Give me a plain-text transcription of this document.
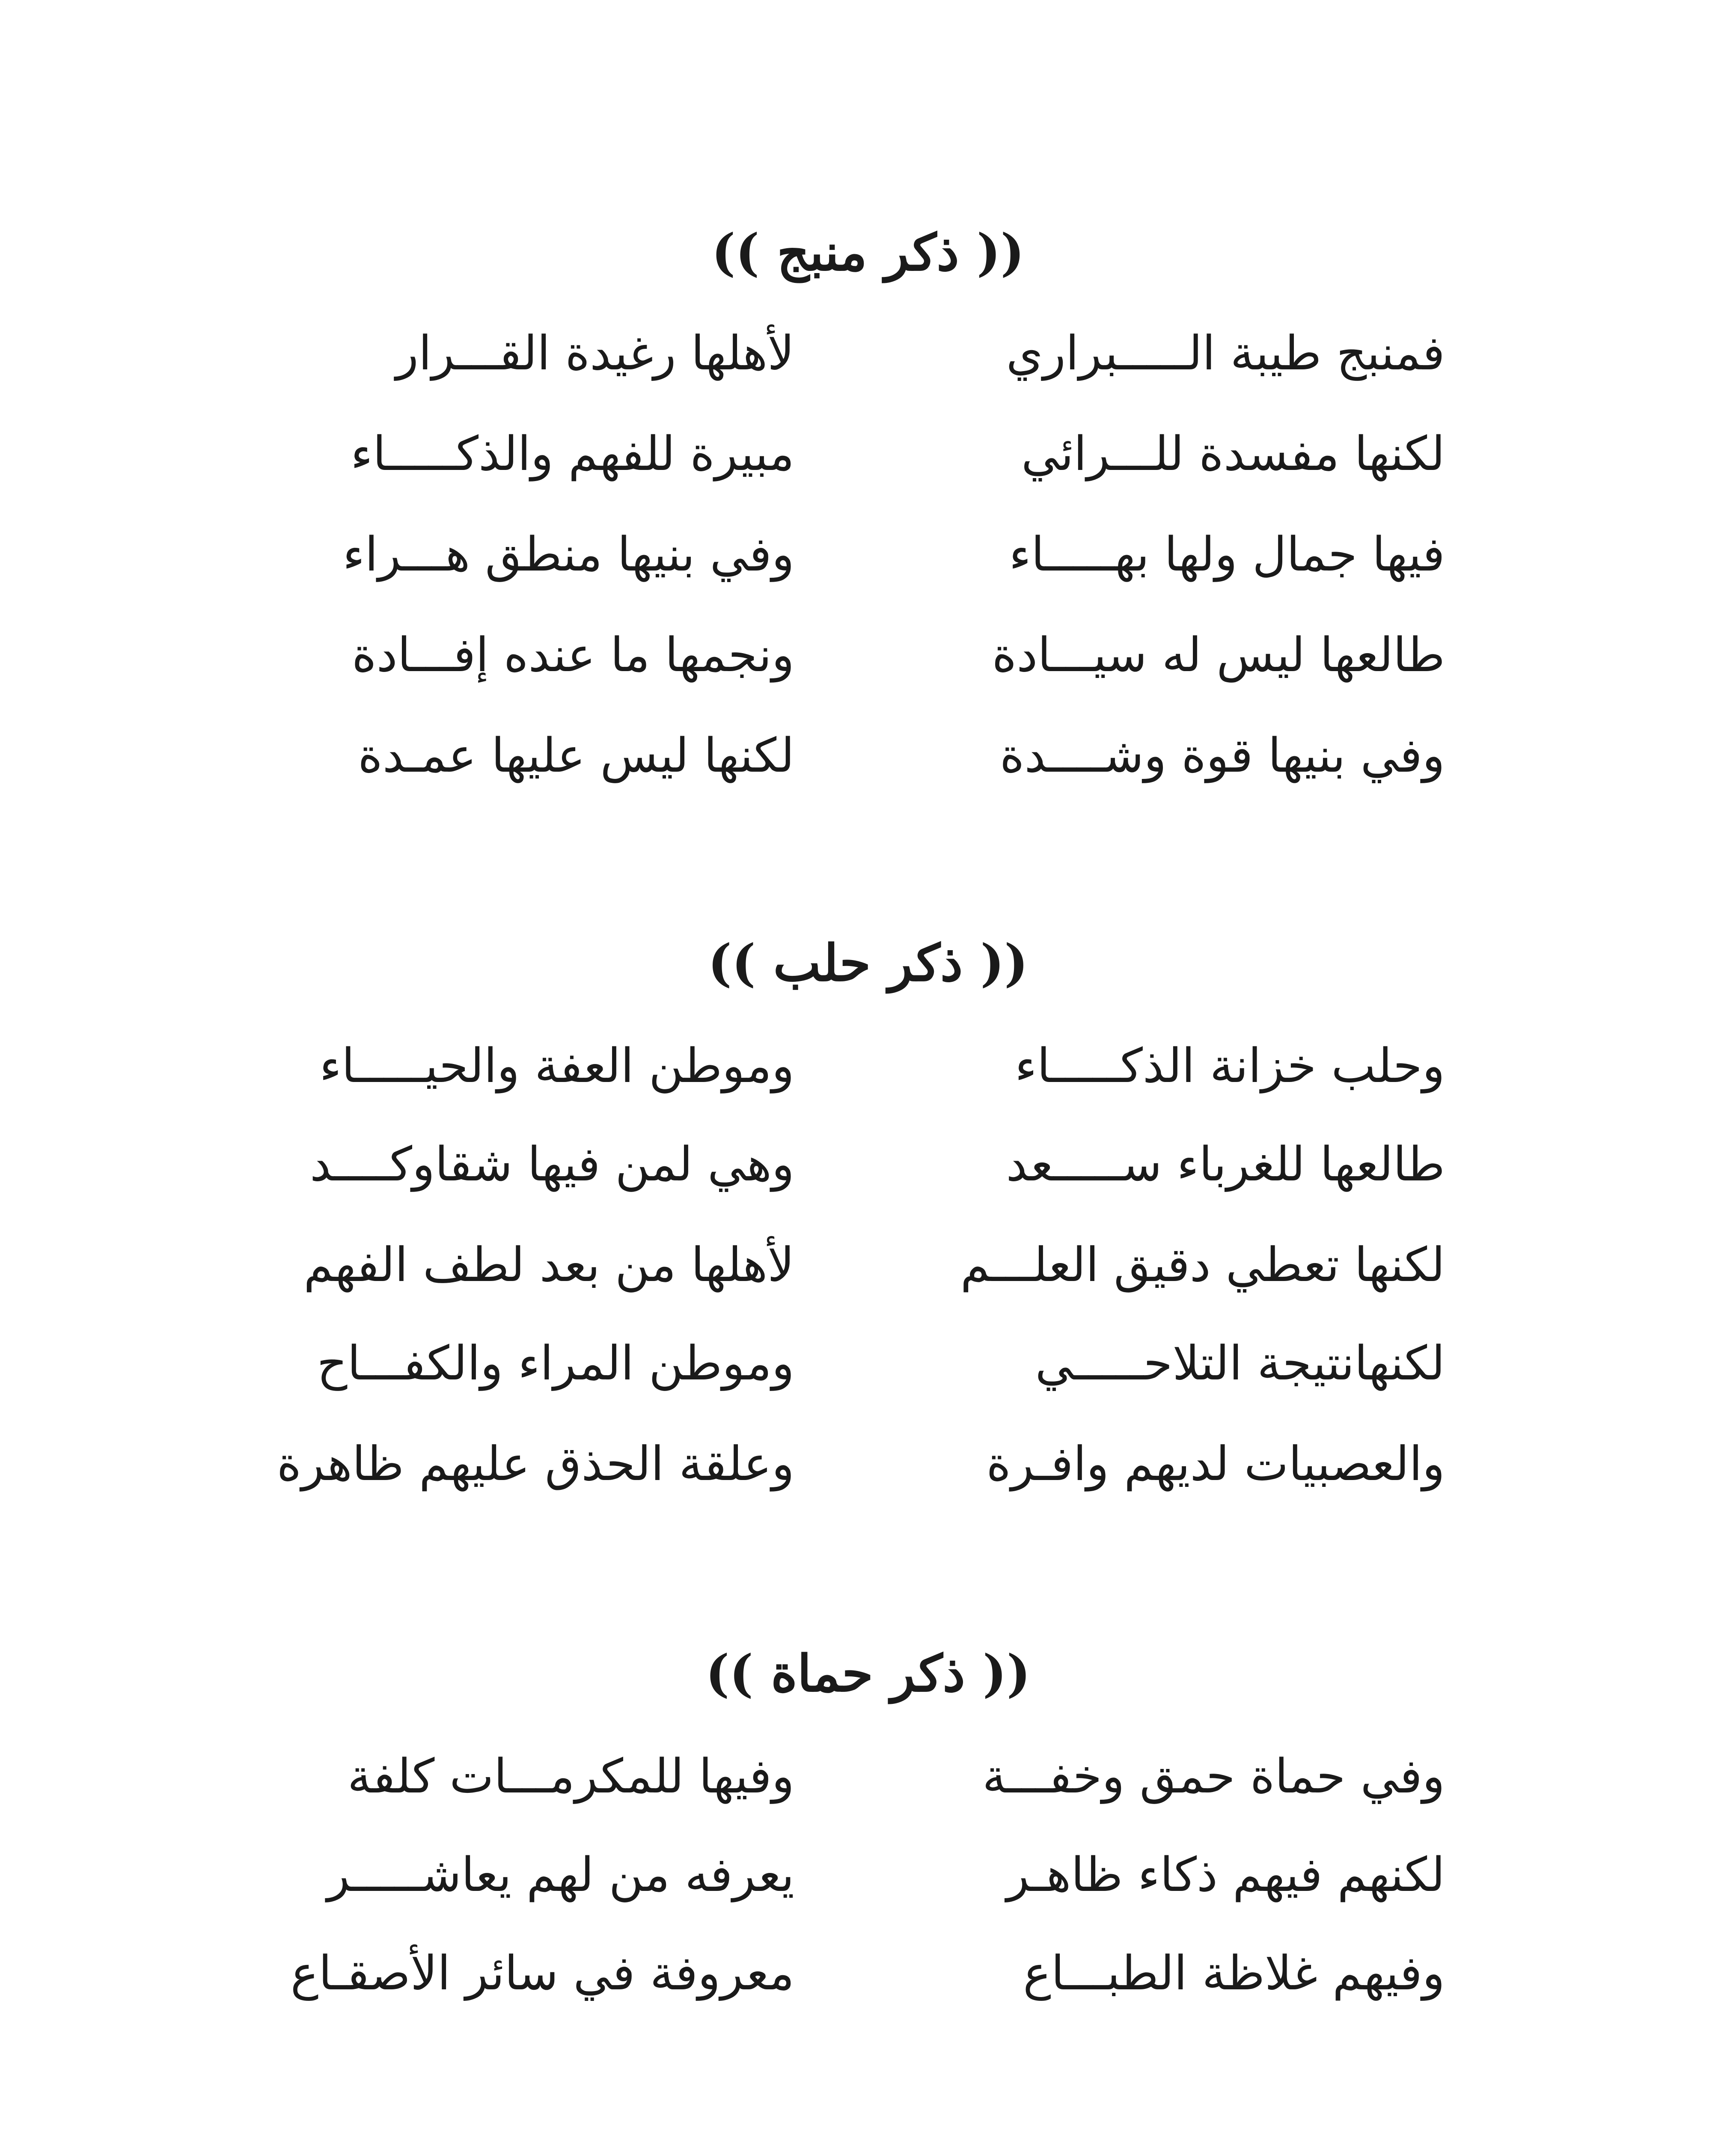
(( ذكر منبج ))
فمنبج طيبة الـــــبراري
لأهلها رغيدة القـــرار
لكنها مفسدة للـــرائي
مبيرة للفهم والذكـــــاء
فيها جمال ولها بهـــــاء
وفي بنيها منطق هـــراء
طالعها ليس له سيـــادة
ونجمها ما عنده إفـــادة
وفي بنيها قوة وشــــدة
لكنها ليس عليها عمـدة
(( ذكر حلب ))
وحلب خزانة الذكـــــاء
وموطن العفة والحيـــــاء
طالعها للغرباء ســـــعد
وهي لمن فيها شقاوكــــد
لكنها تعطي دقيق العلـــم
لأهلها من بعد لطف الفهم
لكنهانتيجة التلاحـــــي
وموطن المراء والكفـــاح
والعصبيات لديهم وافـرة
وعلقة الحذق عليهم ظاهرة
(( ذكر حماة ))
وفي حماة حمق وخفـــة
وفيها للمكرمـــات كلفة
لكنهم فيهم ذكاء ظاهـر
يعرفه من لهم يعاشـــــر
وفيهم غلاظة الطبـــاع
معروفة في سائر الأصقـاع
